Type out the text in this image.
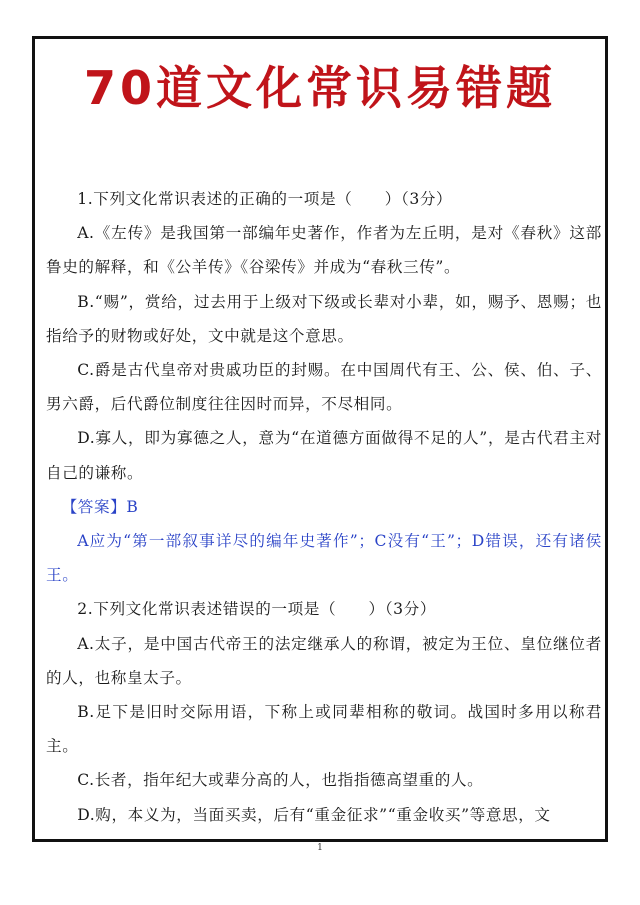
70道文化常识易错题

1.下列文化常识表述的正确的一项是（　　）（3分）

A.《左传》是我国第一部编年史著作，作者为左丘明，是对《春秋》这部鲁史的解释，和《公羊传》《谷梁传》并成为“春秋三传”。

B.“赐”，赏给，过去用于上级对下级或长辈对小辈，如，赐予、恩赐；也指给予的财物或好处，文中就是这个意思。

C.爵是古代皇帝对贵戚功臣的封赐。在中国周代有王、公、侯、伯、子、男六爵，后代爵位制度往往因时而异，不尽相同。

D.寡人，即为寡德之人，意为“在道德方面做得不足的人”，是古代君主对自己的谦称。

【答案】B

A应为“第一部叙事详尽的编年史著作”；C没有“王”；D错误，还有诸侯王。

2.下列文化常识表述错误的一项是（　　）（3分）

A.太子，是中国古代帝王的法定继承人的称谓，被定为王位、皇位继位者的人，也称皇太子。

B.足下是旧时交际用语，下称上或同辈相称的敬词。战国时多用以称君主。

C.长者，指年纪大或辈分高的人，也指指德高望重的人。

D.购，本义为，当面买卖，后有“重金征求”“重金收买”等意思，文

1
